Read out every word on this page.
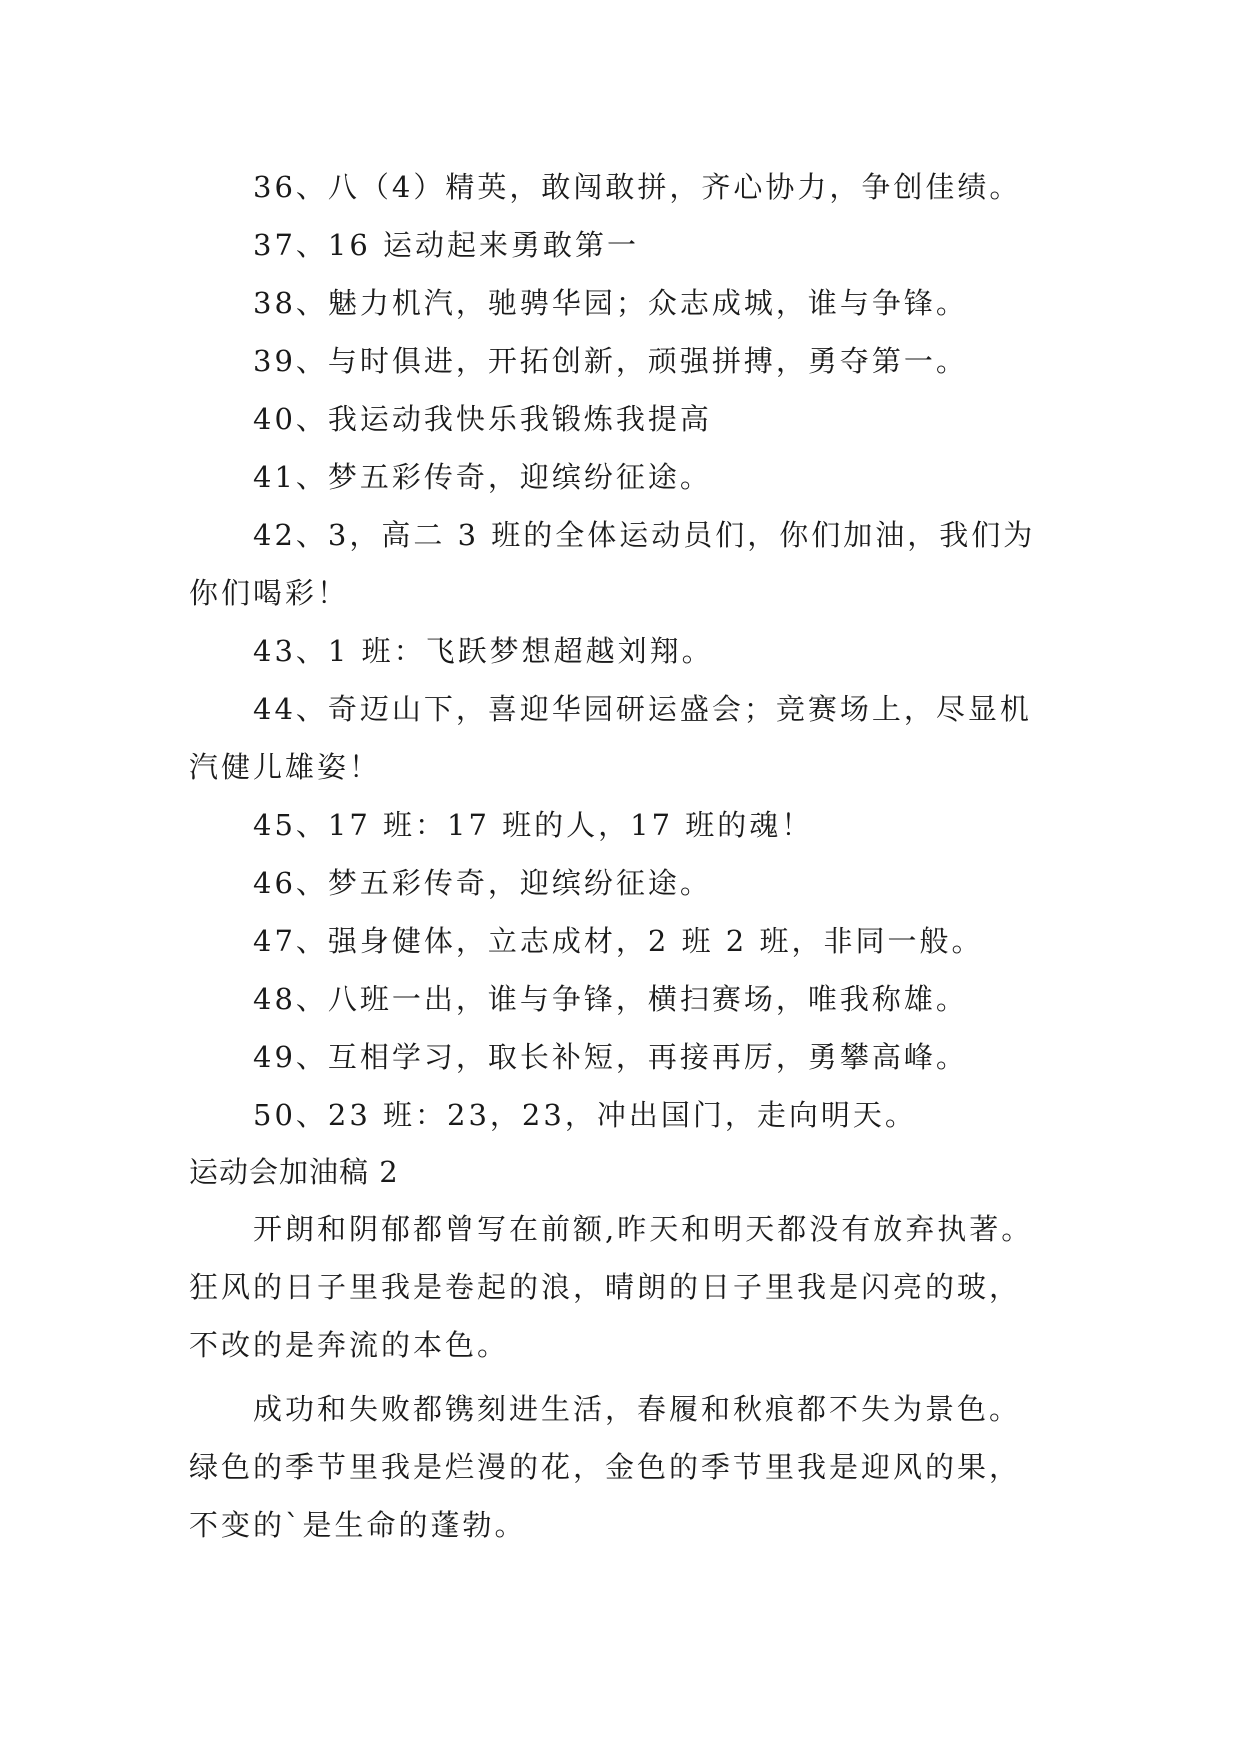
36、八（4）精英，敢闯敢拼，齐心协力，争创佳绩。
37、16 运动起来勇敢第一
38、魅力机汽，驰骋华园；众志成城，谁与争锋。
39、与时俱进，开拓创新，顽强拼搏，勇夺第一。
40、我运动我快乐我锻炼我提高
41、梦五彩传奇，迎缤纷征途。
42、3，高二 3 班的全体运动员们，你们加油，我们为
你们喝彩！
43、1 班：飞跃梦想超越刘翔。
44、奇迈山下，喜迎华园研运盛会；竞赛场上，尽显机
汽健儿雄姿！
45、17 班：17 班的人，17 班的魂！
46、梦五彩传奇，迎缤纷征途。
47、强身健体，立志成材，2 班 2 班，非同一般。
48、八班一出，谁与争锋，横扫赛场，唯我称雄。
49、互相学习，取长补短，再接再厉，勇攀高峰。
50、23 班：23，23，冲出国门，走向明天。
运动会加油稿 2
开朗和阴郁都曾写在前额,昨天和明天都没有放弃执著。
狂风的日子里我是卷起的浪，晴朗的日子里我是闪亮的玻，
不改的是奔流的本色。
成功和失败都镌刻进生活，春履和秋痕都不失为景色。
绿色的季节里我是烂漫的花，金色的季节里我是迎风的果，
不变的`是生命的蓬勃。
